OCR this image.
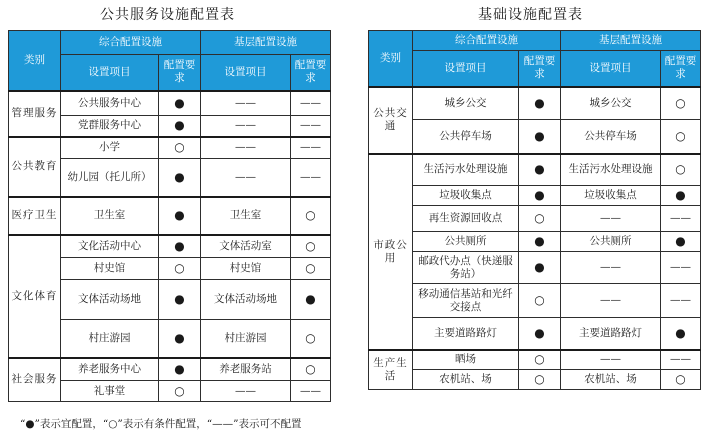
公共服务设施配置表
类别	综合配置设施		基层配置设施	
	设置项目	配置要求	设置项目	配置要求
管理服务	公共服务中心	●	——	——
	党群服务中心	●	——	——
公共教育	小学	○	——	——
	幼儿园（托儿所）	●	——	——
医疗卫生	卫生室	●	卫生室	○
文化体育	文化活动中心	●	文体活动室	○
	村史馆	○	村史馆	○
	文体活动场地	●	文体活动场地	●
	村庄游园	●	村庄游园	○
社会服务	养老服务中心	●	养老服务站	○
	礼事堂	○	——	——
基础设施配置表
类别	综合配置设施		基层配置设施	
	设置项目	配置要求	设置项目	配置要求
公共交通	城乡公交	●	城乡公交	○
	公共停车场	●	公共停车场	○
市政公用	生活污水处理设施	●	生活污水处理设施	○
	垃圾收集点	●	垃圾收集点	●
	再生资源回收点	○	——	——
	公共厕所	●	公共厕所	●
	邮政代办点（快递服务站）	●	——	——
	移动通信基站和光纤交接点	○	——	——
	主要道路路灯	●	主要道路路灯	●
生产生活	晒场	○	——	——
	农机站、场	○	农机站、场	○
“●”表示宜配置，“○”表示有条件配置，“——”表示可不配置
